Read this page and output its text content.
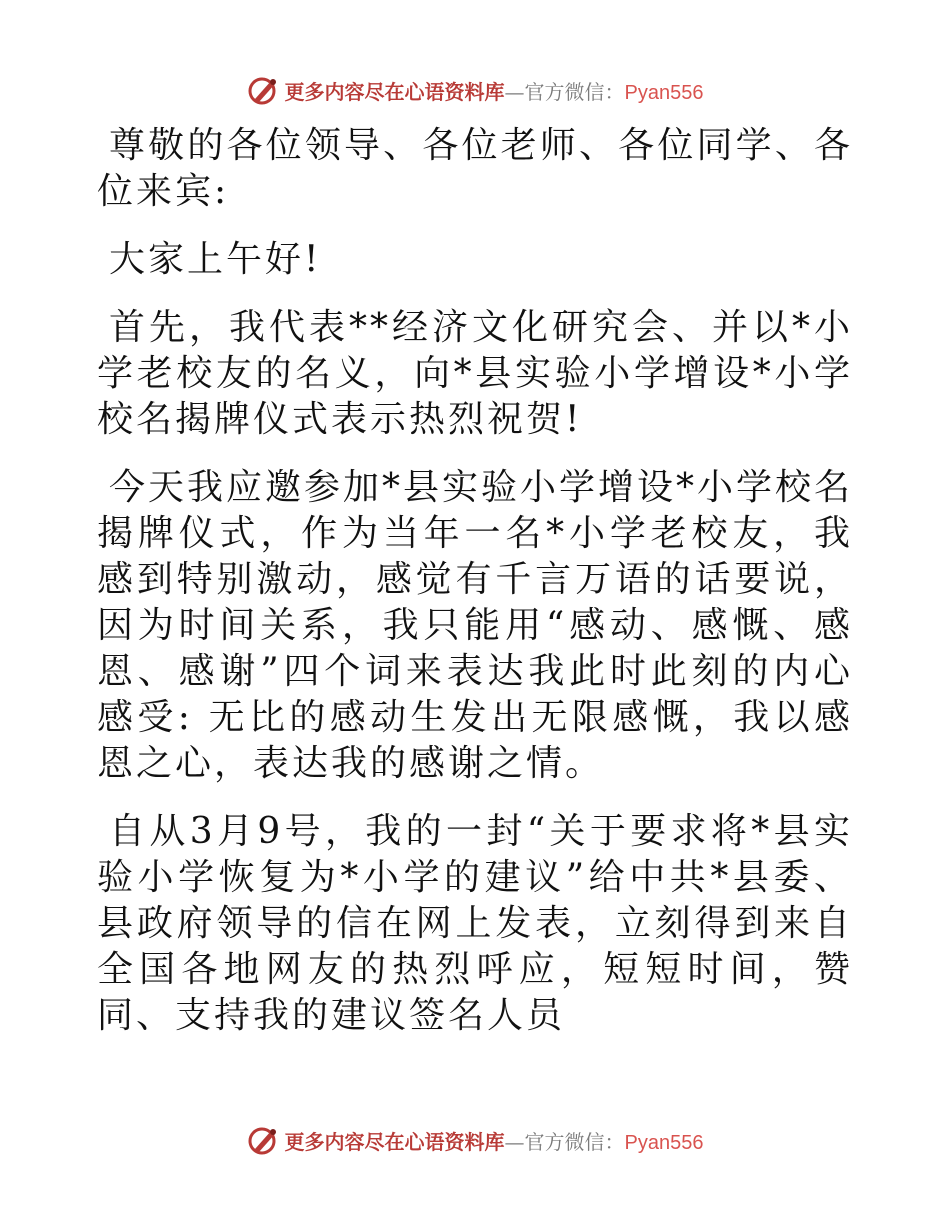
更多内容尽在心语资料库—官方微信：Pyan556

尊敬的各位领导、各位老师、各位同学、各位来宾:

大家上午好!

首先，我代表**经济文化研究会、并以*小学老校友的名义，向*县实验小学增设*小学校名揭牌仪式表示热烈祝贺!

今天我应邀参加*县实验小学增设*小学校名揭牌仪式，作为当年一名*小学老校友，我感到特别激动，感觉有千言万语的话要说，因为时间关系，我只能用“感动、感慨、感恩、感谢”四个词来表达我此时此刻的内心感受: 无比的感动生发出无限感慨，我以感恩之心，表达我的感谢之情。

自从3月9号，我的一封“关于要求将*县实验小学恢复为*小学的建议”给中共*县委、县政府领导的信在网上发表，立刻得到来自全国各地网友的热烈呼应，短短时间，赞同、支持我的建议签名人员

更多内容尽在心语资料库—官方微信：Pyan556
